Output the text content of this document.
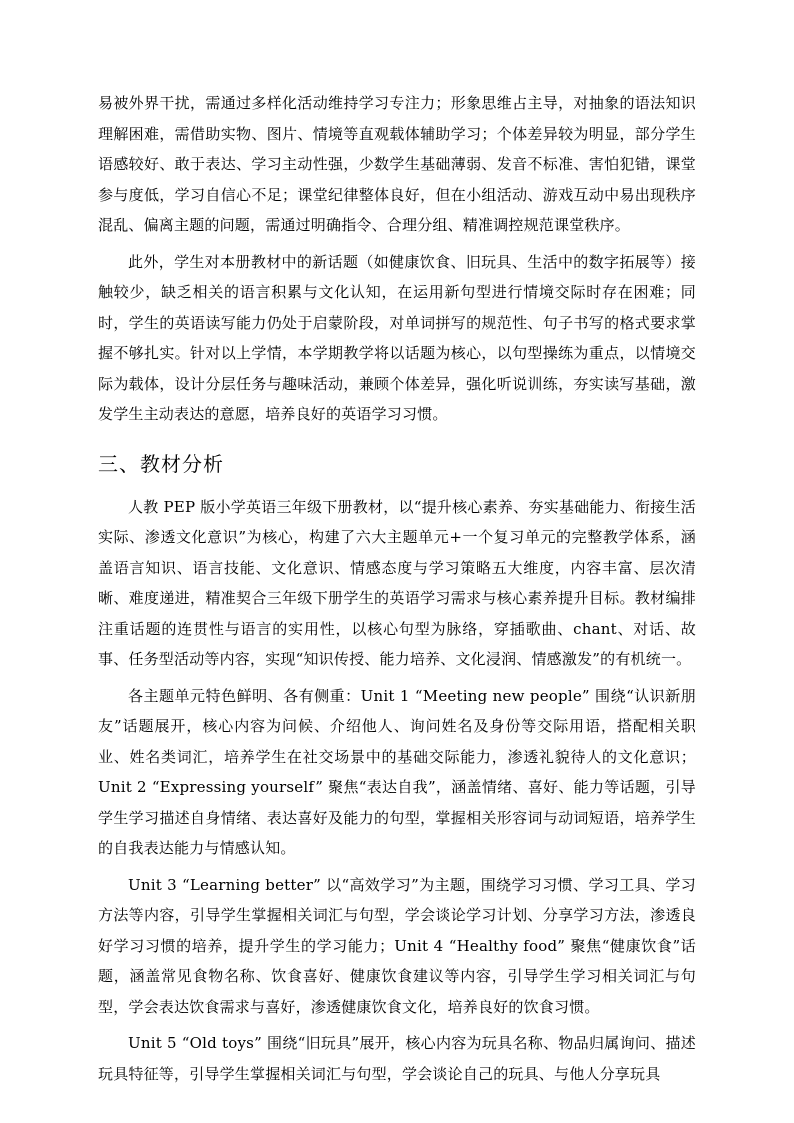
易被外界干扰，需通过多样化活动维持学习专注力；形象思维占主导，对抽象的语法知识理解困难，需借助实物、图片、情境等直观载体辅助学习；个体差异较为明显，部分学生语感较好、敢于表达、学习主动性强，少数学生基础薄弱、发音不标准、害怕犯错，课堂参与度低，学习自信心不足；课堂纪律整体良好，但在小组活动、游戏互动中易出现秩序混乱、偏离主题的问题，需通过明确指令、合理分组、精准调控规范课堂秩序。

此外，学生对本册教材中的新话题（如健康饮食、旧玩具、生活中的数字拓展等）接触较少，缺乏相关的语言积累与文化认知，在运用新句型进行情境交际时存在困难；同时，学生的英语读写能力仍处于启蒙阶段，对单词拼写的规范性、句子书写的格式要求掌握不够扎实。针对以上学情，本学期教学将以话题为核心，以句型操练为重点，以情境交际为载体，设计分层任务与趣味活动，兼顾个体差异，强化听说训练，夯实读写基础，激发学生主动表达的意愿，培养良好的英语学习习惯。

三、教材分析

人教 PEP 版小学英语三年级下册教材，以“提升核心素养、夯实基础能力、衔接生活实际、渗透文化意识”为核心，构建了六大主题单元+一个复习单元的完整教学体系，涵盖语言知识、语言技能、文化意识、情感态度与学习策略五大维度，内容丰富、层次清晰、难度递进，精准契合三年级下册学生的英语学习需求与核心素养提升目标。教材编排注重话题的连贯性与语言的实用性，以核心句型为脉络，穿插歌曲、chant、对话、故事、任务型活动等内容，实现“知识传授、能力培养、文化浸润、情感激发”的有机统一。

各主题单元特色鲜明、各有侧重：Unit 1 “Meeting new people” 围绕“认识新朋友”话题展开，核心内容为问候、介绍他人、询问姓名及身份等交际用语，搭配相关职业、姓名类词汇，培养学生在社交场景中的基础交际能力，渗透礼貌待人的文化意识；Unit 2 “Expressing yourself” 聚焦“表达自我”，涵盖情绪、喜好、能力等话题，引导学生学习描述自身情绪、表达喜好及能力的句型，掌握相关形容词与动词短语，培养学生的自我表达能力与情感认知。

Unit 3 “Learning better” 以“高效学习”为主题，围绕学习习惯、学习工具、学习方法等内容，引导学生掌握相关词汇与句型，学会谈论学习计划、分享学习方法，渗透良好学习习惯的培养，提升学生的学习能力；Unit 4 “Healthy food” 聚焦“健康饮食”话题，涵盖常见食物名称、饮食喜好、健康饮食建议等内容，引导学生学习相关词汇与句型，学会表达饮食需求与喜好，渗透健康饮食文化，培养良好的饮食习惯。

Unit 5 “Old toys” 围绕“旧玩具”展开，核心内容为玩具名称、物品归属询问、描述玩具特征等，引导学生掌握相关词汇与句型，学会谈论自己的玩具、与他人分享玩具
